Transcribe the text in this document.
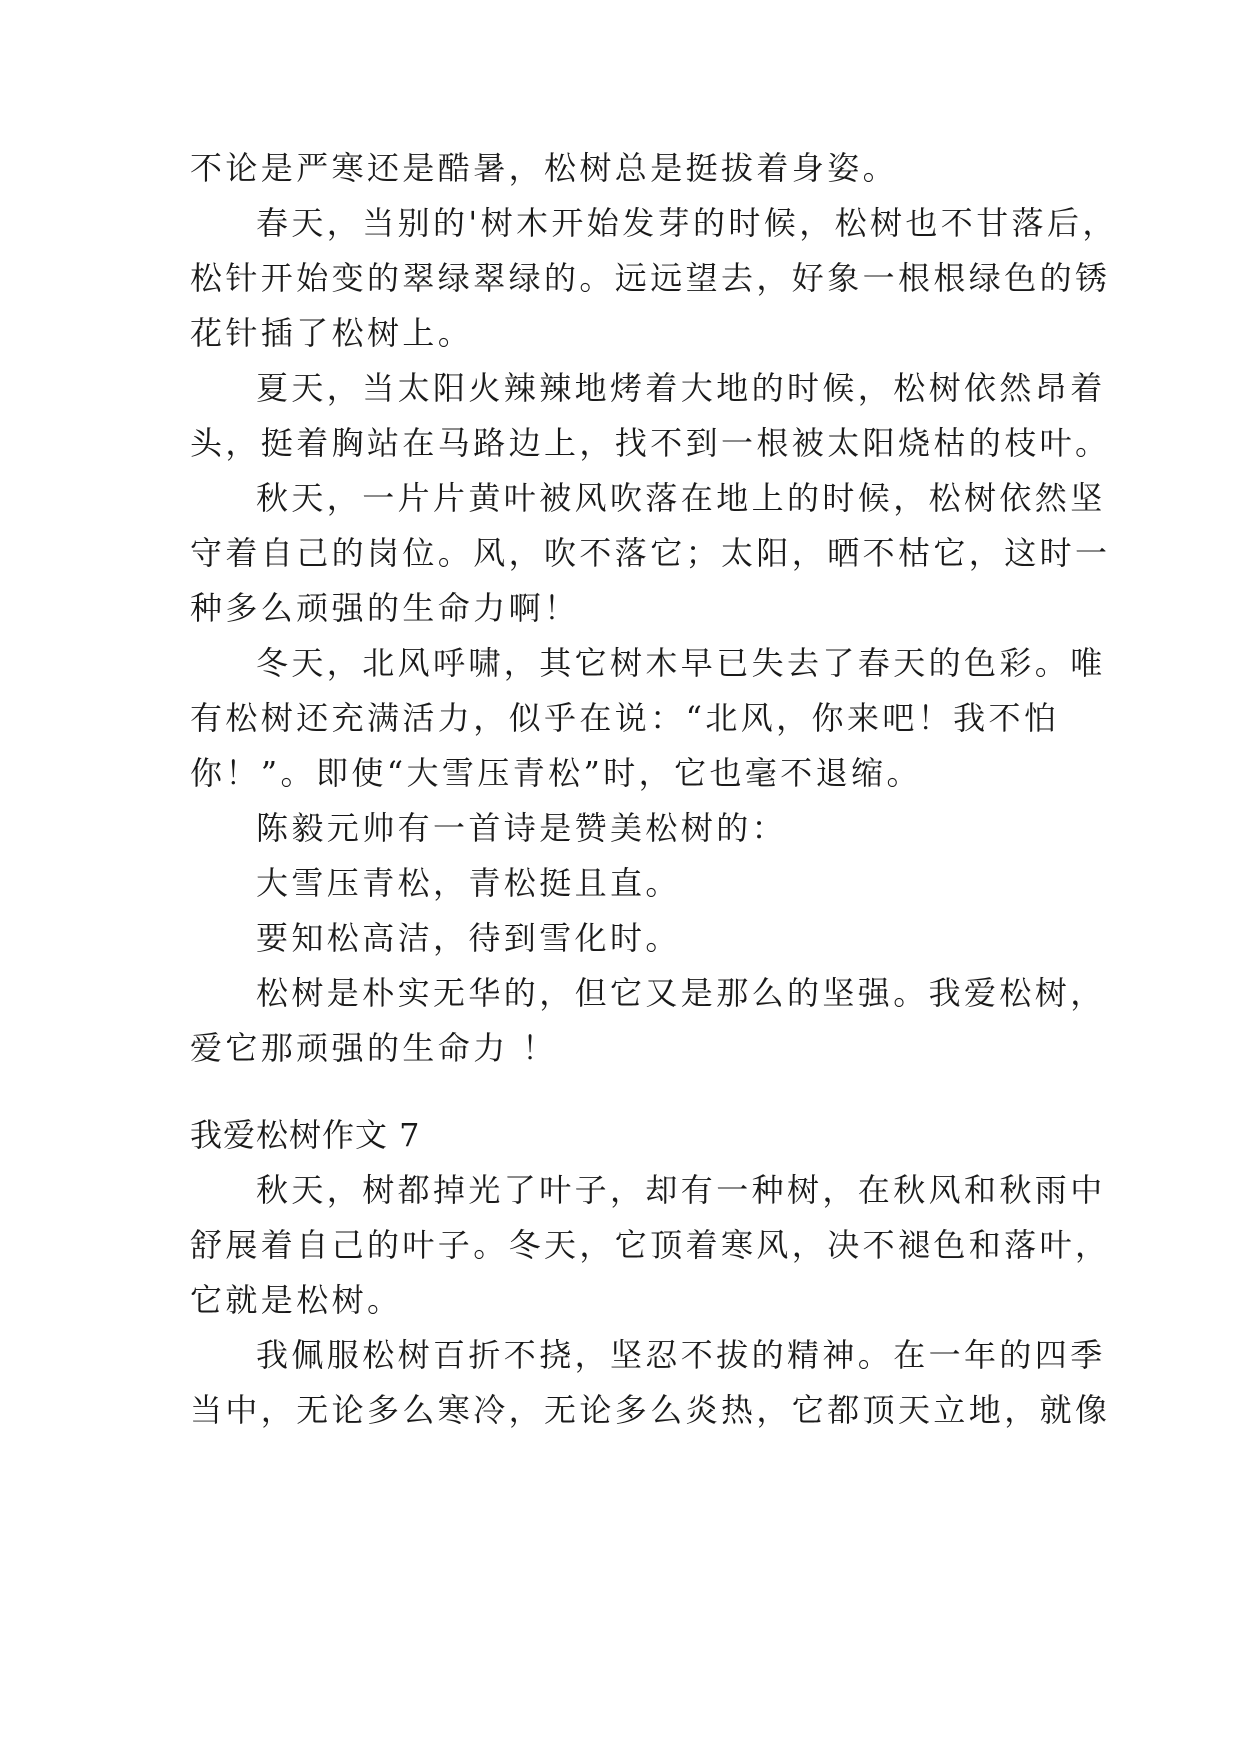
不论是严寒还是酷暑，松树总是挺拔着身姿。
春天，当别的'树木开始发芽的时候，松树也不甘落后，
松针开始变的翠绿翠绿的。远远望去，好象一根根绿色的锈
花针插了松树上。
夏天，当太阳火辣辣地烤着大地的时候，松树依然昂着
头，挺着胸站在马路边上，找不到一根被太阳烧枯的枝叶。
秋天，一片片黄叶被风吹落在地上的时候，松树依然坚
守着自己的岗位。风，吹不落它；太阳，晒不枯它，这时一
种多么顽强的生命力啊！
冬天，北风呼啸，其它树木早已失去了春天的色彩。唯
有松树还充满活力，似乎在说：“北风，你来吧！我不怕
你！”。即使“大雪压青松”时，它也毫不退缩。
陈毅元帅有一首诗是赞美松树的：
大雪压青松，青松挺且直。
要知松高洁，待到雪化时。
松树是朴实无华的，但它又是那么的坚强。我爱松树，
爱它那顽强的生命力 ！
我爱松树作文 7
秋天，树都掉光了叶子，却有一种树，在秋风和秋雨中
舒展着自己的叶子。冬天，它顶着寒风，决不褪色和落叶，
它就是松树。
我佩服松树百折不挠，坚忍不拔的精神。在一年的四季
当中，无论多么寒冷，无论多么炎热，它都顶天立地，就像
